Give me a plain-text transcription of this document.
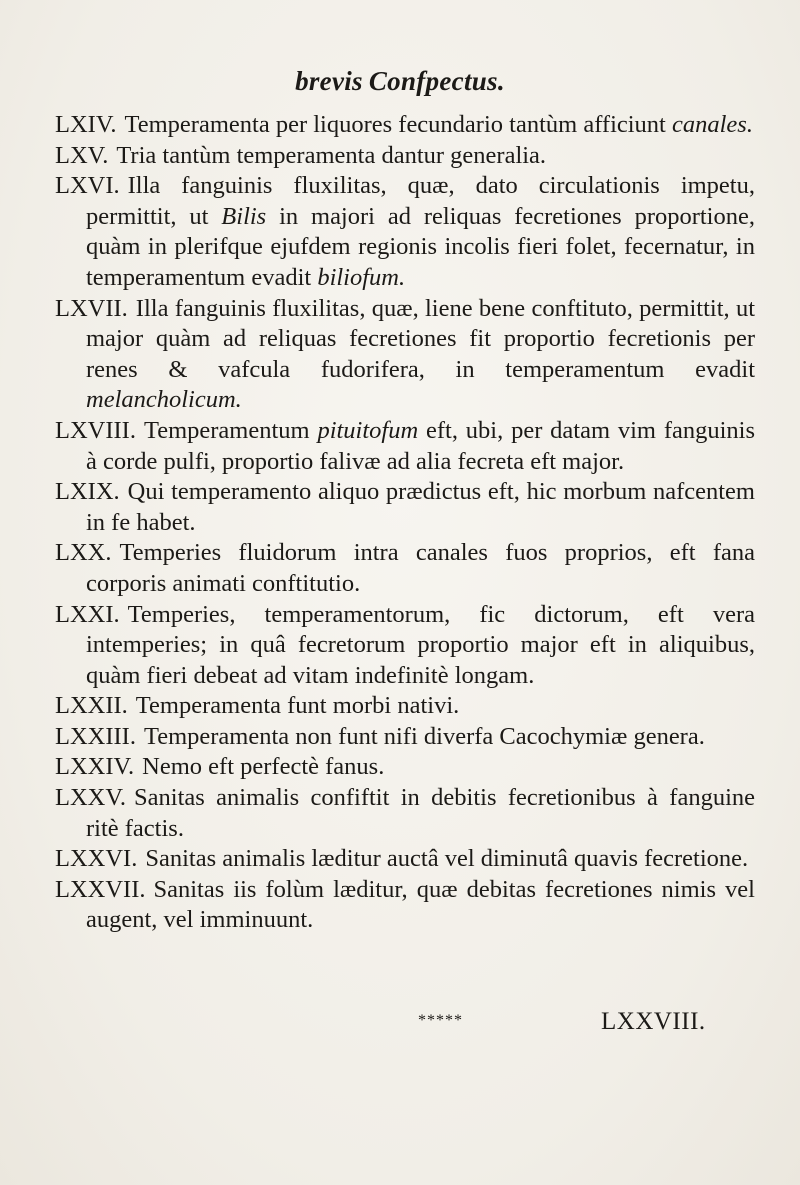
brevis Confpectus.

LXIV. Temperamenta per liquores fecundario tantùm afficiunt canales.

LXV. Tria tantùm temperamenta dantur generalia.

LXVI. Illa fanguinis fluxilitas, quæ, dato circulationis impetu, permittit, ut Bilis in majori ad reliquas fecretiones proportione, quàm in plerifque ejufdem regionis incolis fieri folet, fecernatur, in temperamentum evadit biliofum.

LXVII. Illa fanguinis fluxilitas, quæ, liene bene conftituto, permittit, ut major quàm ad reliquas fecretiones fit proportio fecretionis per renes & vafcula fudorifera, in temperamentum evadit melancholicum.

LXVIII. Temperamentum pituitofum eft, ubi, per datam vim fanguinis à corde pulfi, proportio falivæ ad alia fecreta eft major.

LXIX. Qui temperamento aliquo prædictus eft, hic morbum nafcentem in fe habet.

LXX. Temperies fluidorum intra canales fuos proprios, eft fana corporis animati conftitutio.

LXXI. Temperies, temperamentorum, fic dictorum, eft vera intemperies; in quâ fecretorum proportio major eft in aliquibus, quàm fieri debeat ad vitam indefinitè longam.

LXXII. Temperamenta funt morbi nativi.

LXXIII. Temperamenta non funt nifi diverfa Cacochymiæ genera.

LXXIV. Nemo eft perfectè fanus.

LXXV. Sanitas animalis confiftit in debitis fecretionibus à fanguine ritè factis.

LXXVI. Sanitas animalis læditur auctâ vel diminutâ quavis fecretione.

LXXVII. Sanitas iis folùm læditur, quæ debitas fecretiones nimis vel augent, vel imminuunt.

*****	LXXVIII.
